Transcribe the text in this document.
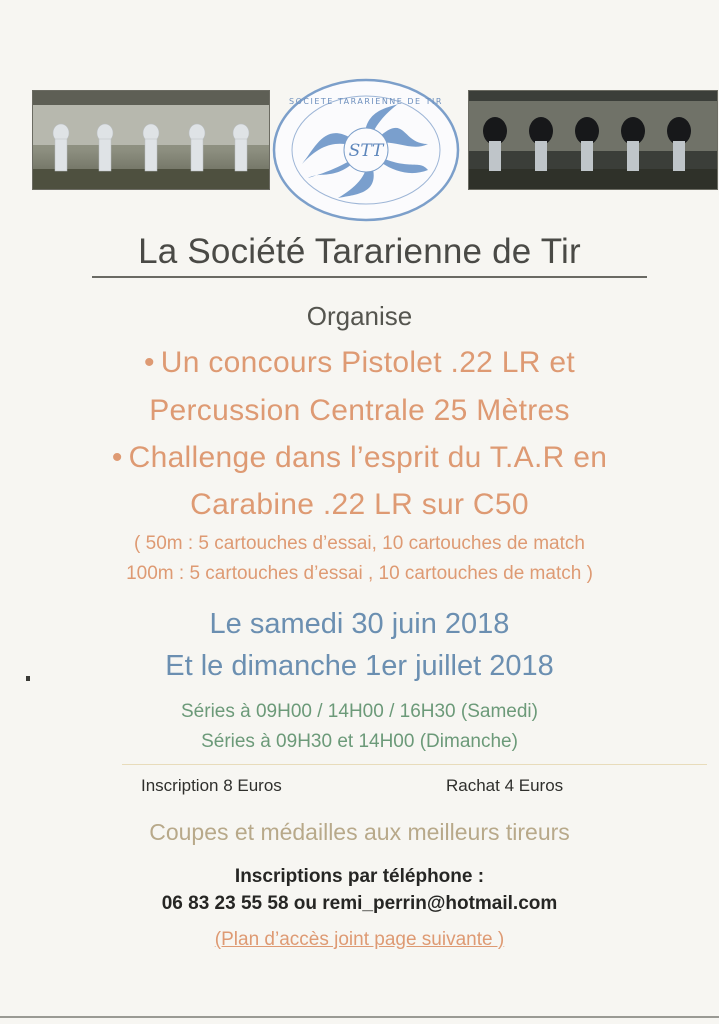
STT
SOCIETE TARARIENNE DE TIR
La Société Tararienne de Tir
Organise
• Un concours Pistolet .22 LR et
Percussion Centrale 25 Mètres
• Challenge dans l’esprit du T.A.R en
Carabine .22 LR sur C50
( 50m : 5 cartouches d’essai, 10 cartouches de match
100m : 5 cartouches d’essai , 10 cartouches de match )
Le samedi 30 juin 2018
Et le dimanche 1er juillet 2018
Séries à 09H00 / 14H00 / 16H30 (Samedi)
Séries à 09H30 et 14H00 (Dimanche)
Inscription 8 Euros	Rachat 4 Euros
Coupes et médailles aux meilleurs tireurs
Inscriptions par téléphone :
06 83 23 55 58 ou remi_perrin@hotmail.com
(Plan d’accès joint page suivante )
